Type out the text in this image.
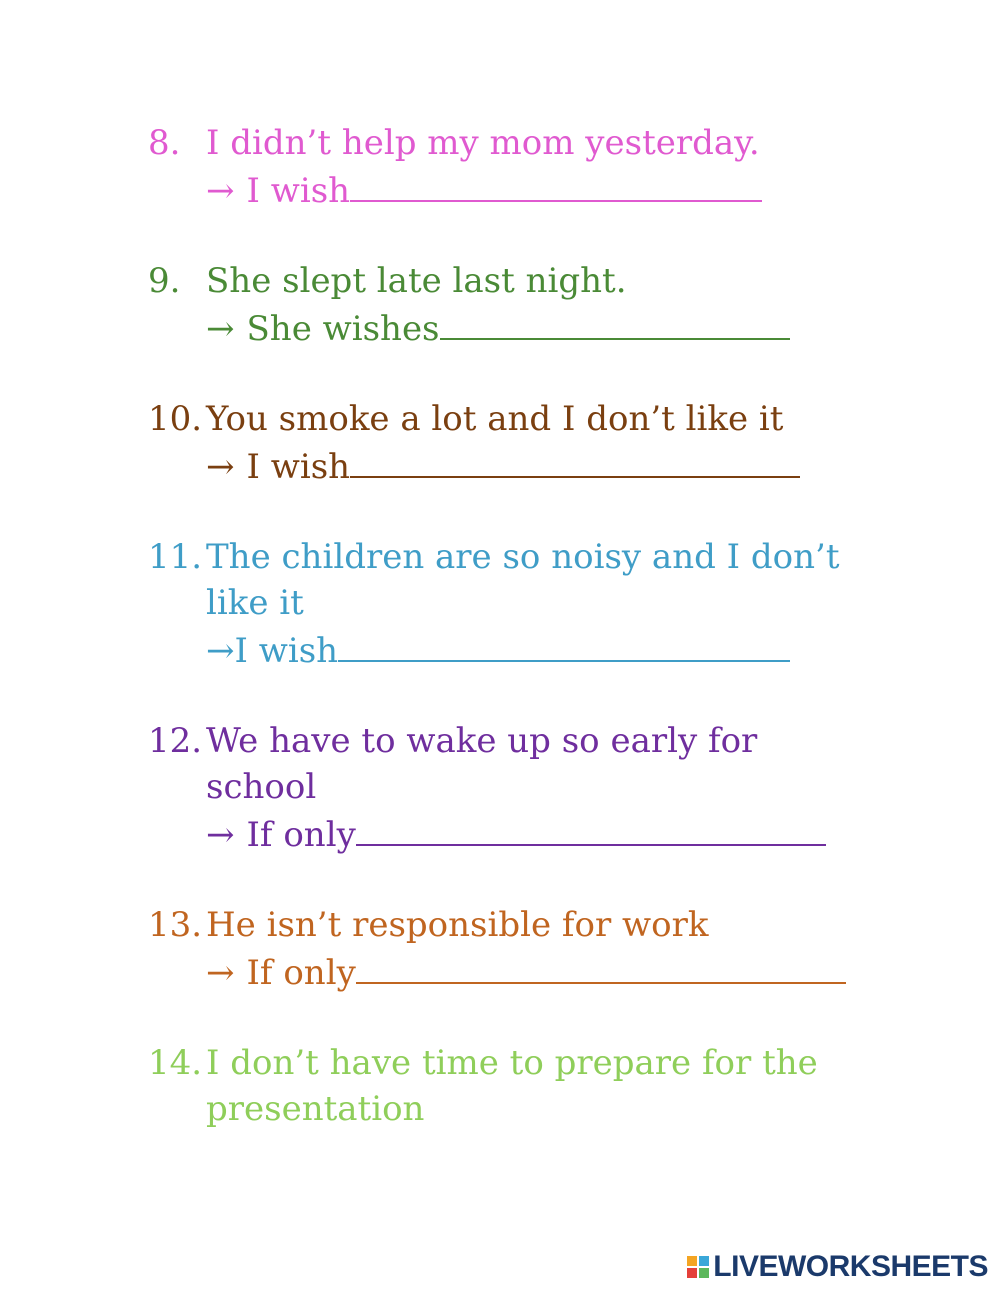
8. I didn’t help my mom yesterday.
→ I wish
9. She slept late last night.
→ She wishes
10. You smoke a lot and I don’t like it
→ I wish
11. The children are so noisy and I don’t like it
→ I wish
12. We have to wake up so early for school
→ If only
13. He isn’t responsible for work
→ If only
14. I don’t have time to prepare for the presentation
LIVEWORKSHEETS
